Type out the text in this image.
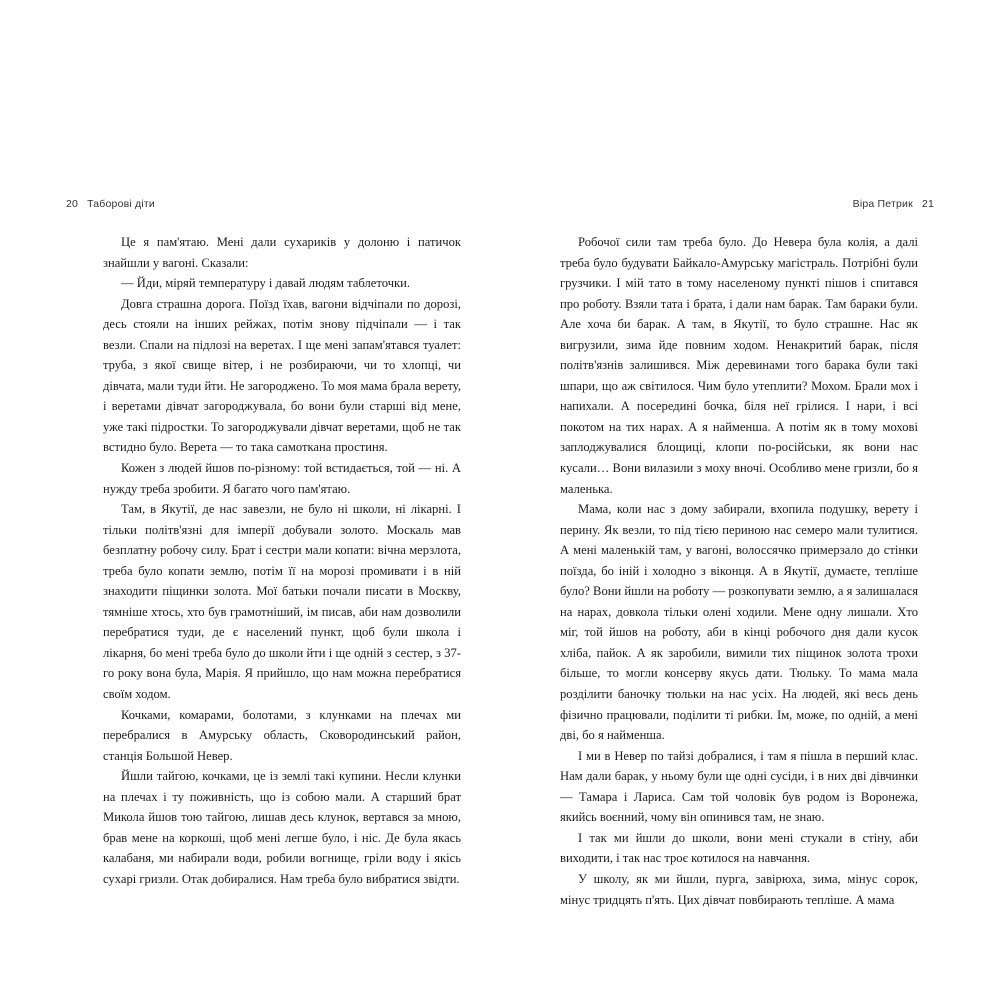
20 Таборові діти	Віра Петрик 21

Це я пам'ятаю. Мені дали сухариків у долоню і патичок знайшли у вагоні. Сказали:

— Йди, міряй температуру і давай людям таблеточки.

Довга страшна дорога. Поїзд їхав, вагони відчіпали по дорозі, десь стояли на інших рейжах, потім знову підчіпали — і так везли. Спали на підлозі на веретах. І ще мені запам'ятався туалет: труба, з якої свище вітер, і не розбираючи, чи то хлопці, чи дівчата, мали туди йти. Не загороджено. То моя мама брала верету, і веретами дівчат загороджувала, бо вони були старші від мене, уже такі підростки. То загороджували дівчат веретами, щоб не так встидно було. Верета — то така самоткана простиня.

Кожен з людей йшов по-різному: той встидається, той — ні. А нужду треба зробити. Я багато чого пам'ятаю.

Там, в Якутії, де нас завезли, не було ні школи, ні лікарні. І тільки політв'язні для імперії добували золото. Москаль мав безплатну робочу силу. Брат і сестри мали копати: вічна мерзлота, треба було копати землю, потім її на морозі промивати і в ній знаходити піщинки золота. Мої батьки почали писати в Москву, тямніше хтось, хто був грамотніший, ім писав, аби нам дозволили перебратися туди, де є населений пункт, щоб були школа і лікарня, бо мені треба було до школи йти і ще одній з сестер, з 37-го року вона була, Марія. Я прийшло, що нам можна перебратися своїм ходом.

Кочками, комарами, болотами, з клунками на плечах ми перебралися в Амурську область, Сковородинський район, станція Большой Невер.

Йшли тайгою, кочками, це із землі такі купини. Несли клунки на плечах і ту поживність, що із собою мали. А старший брат Микола йшов тою тайгою, лишав десь клунок, вертався за мною, брав мене на коркоші, щоб мені легше було, і ніс. Де була якась калабаня, ми набирали води, робили вогнище, гріли воду і якісь сухарі гризли. Отак добиралися. Нам треба було вибратися звідти.

Робочої сили там треба було. До Невера була колія, а далі треба було будувати Байкало-Амурську магістраль. Потрібні були грузчики. І мій тато в тому населеному пункті пішов і спитався про роботу. Взяли тата і брата, і дали нам барак. Там бараки були. Але хоча би барак. А там, в Якутії, то було страшне. Нас як вигрузили, зима йде повним ходом. Ненакритий барак, після політв'язнів залишився. Між деревинами того барака були такі шпари, що аж світилося. Чим було утеплити? Мохом. Брали мох і напихали. А посередині бочка, біля неї грілися. І нари, і всі покотом на тих нарах. А я найменша. А потім як в тому мохові заплоджувалися блощиці, клопи по-російськи, як вони нас кусали… Вони вилазили з моху вночі. Особливо мене гризли, бо я маленька.

Мама, коли нас з дому забирали, вхопила подушку, верету і перину. Як везли, то під тією периною нас семеро мали тулитися. А мені маленькій там, у вагоні, волоссячко примерзало до стінки поїзда, бо іній і холодно з віконця. А в Якутії, думаєте, тепліше було? Вони йшли на роботу — розкопувати землю, а я залишалася на нарах, довкола тільки олені ходили. Мене одну лишали. Хто міг, той йшов на роботу, аби в кінці робочого дня дали кусок хліба, пайок. А як заробили, вимили тих піщинок золота трохи більше, то могли консерву якусь дати. Тюльку. То мама мала розділити баночку тюльки на нас усіх. На людей, які весь день фізично працювали, поділити ті рибки. Ім, може, по одній, а мені дві, бо я найменша.

І ми в Невер по тайзі добралися, і там я пішла в перший клас. Нам дали барак, у ньому були ще одні сусіди, і в них дві дівчинки — Тамара і Лариса. Сам той чоловік був родом із Воронежа, якийсь воєнний, чому він опинився там, не знаю.

І так ми йшли до школи, вони мені стукали в стіну, аби виходити, і так нас троє котилося на навчання.

У школу, як ми йшли, пурга, завірюха, зима, мінус сорок, мінус тридцять п'ять. Цих дівчат повбирають тепліше. А мама
